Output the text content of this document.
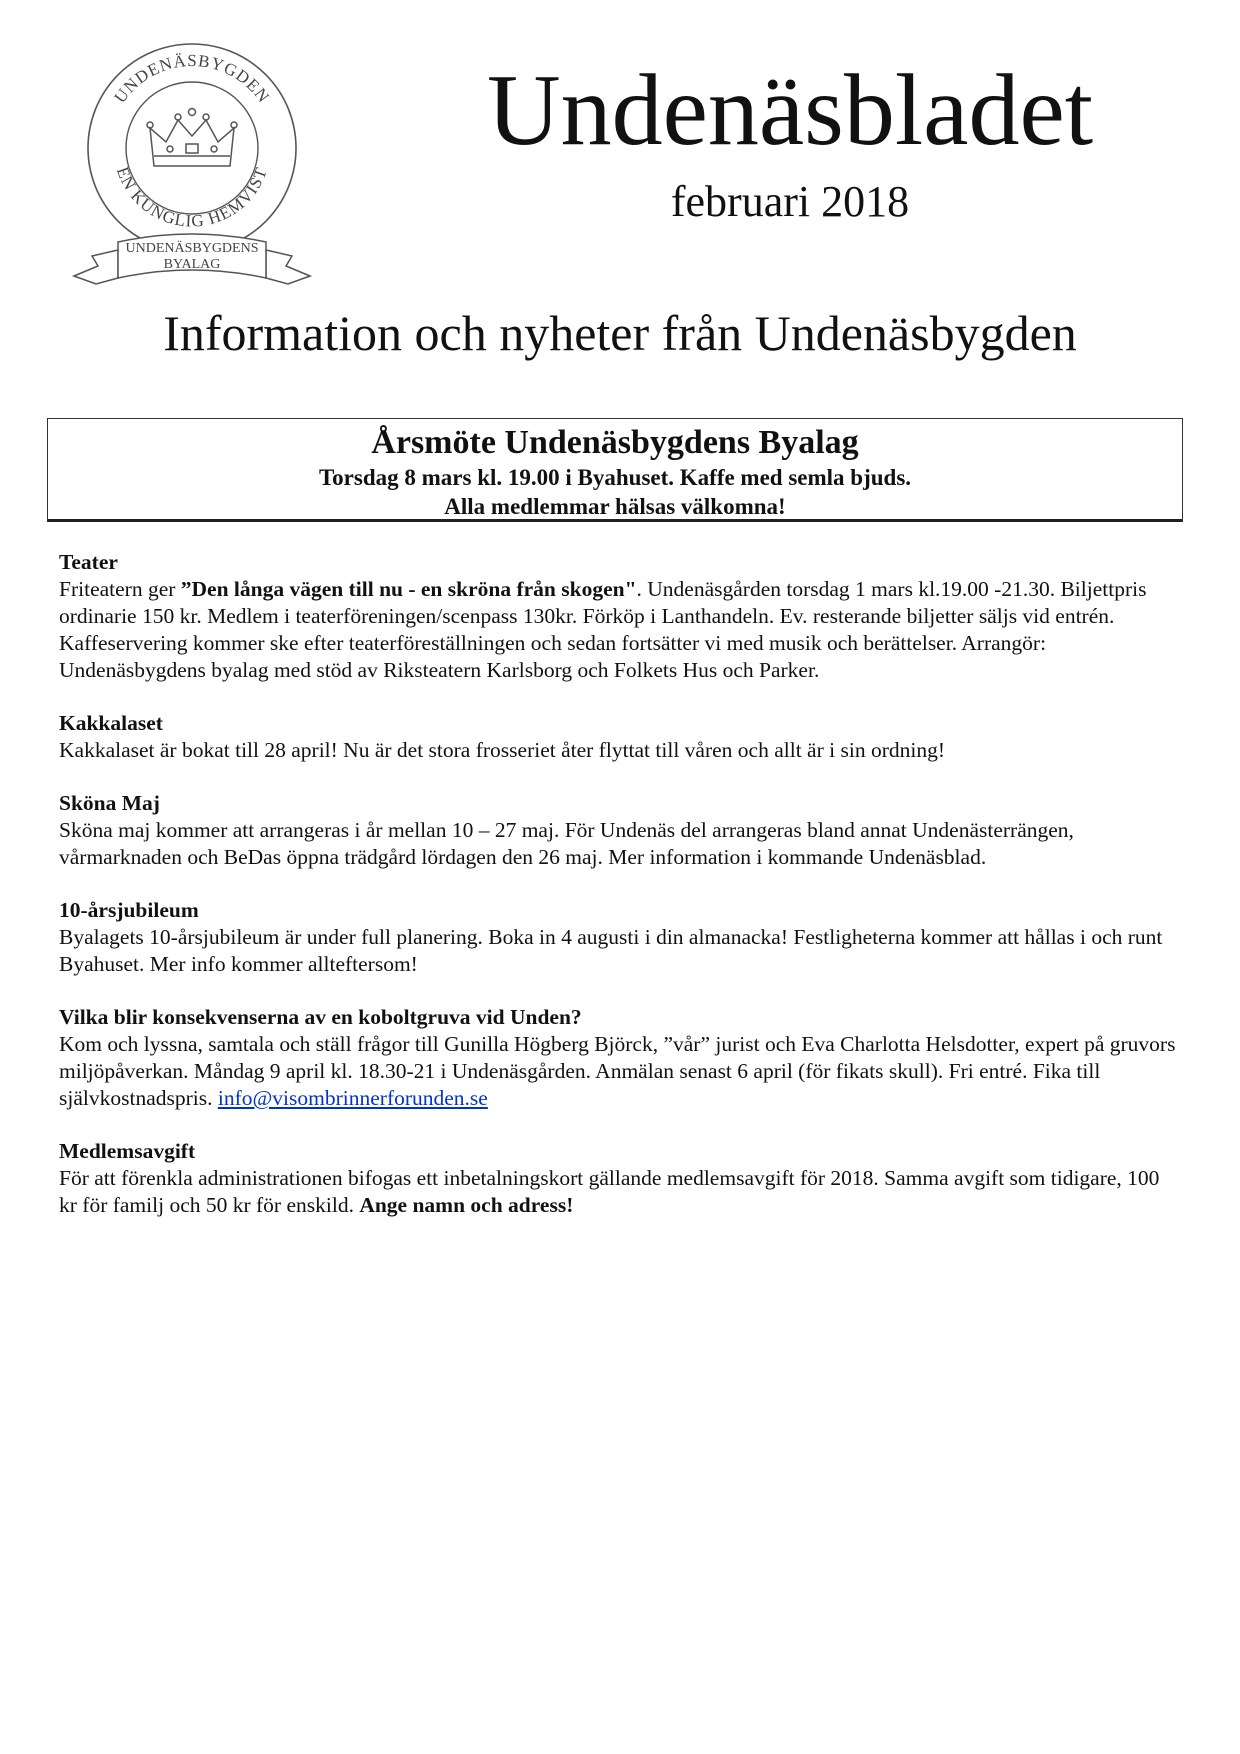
UNDENÄSBYGDEN
EN KUNGLIG HEMVIST
UNDENÄSBYGDENS
BYALAG
Undenäsbladet
februari 2018
Information och nyheter från Undenäsbygden
Årsmöte Undenäsbygdens Byalag
Torsdag 8 mars kl. 19.00 i Byahuset. Kaffe med semla bjuds.
Alla medlemmar hälsas välkomna!
Teater

Friteatern ger ”Den långa vägen till nu - en skröna från skogen". Undenäsgården torsdag 1 mars kl.19.00 -21.30. Biljettpris ordinarie 150 kr. Medlem i teaterföreningen/scenpass 130kr. Förköp i Lanthandeln. Ev. resterande biljetter säljs vid entrén. Kaffeservering kommer ske efter teaterföreställningen och sedan fortsätter vi med musik och berättelser. Arrangör: Undenäsbygdens byalag med stöd av Riksteatern Karlsborg och Folkets Hus och Parker.

Kakkalaset

Kakkalaset är bokat till 28 april! Nu är det stora frosseriet åter flyttat till våren och allt är i sin ordning!

Sköna Maj

Sköna maj kommer att arrangeras i år mellan 10 – 27 maj. För Undenäs del arrangeras bland annat Undenästerrängen, vårmarknaden och BeDas öppna trädgård lördagen den 26 maj. Mer information i kommande Undenäsblad.

10-årsjubileum

Byalagets 10-årsjubileum är under full planering. Boka in 4 augusti i din almanacka! Festligheterna kommer att hållas i och runt Byahuset. Mer info kommer allteftersom!

Vilka blir konsekvenserna av en koboltgruva vid Unden?

Kom och lyssna, samtala och ställ frågor till Gunilla Högberg Björck, ”vår” jurist och Eva Charlotta Helsdotter, expert på gruvors miljöpåverkan. Måndag 9 april kl. 18.30-21 i Undenäsgården. Anmälan senast 6 april (för fikats skull). Fri entré. Fika till självkostnadspris. info@visombrinnerforunden.se

Medlemsavgift

För att förenkla administrationen bifogas ett inbetalningskort gällande medlemsavgift för 2018. Samma avgift som tidigare, 100 kr för familj och 50 kr för enskild. Ange namn och adress!
